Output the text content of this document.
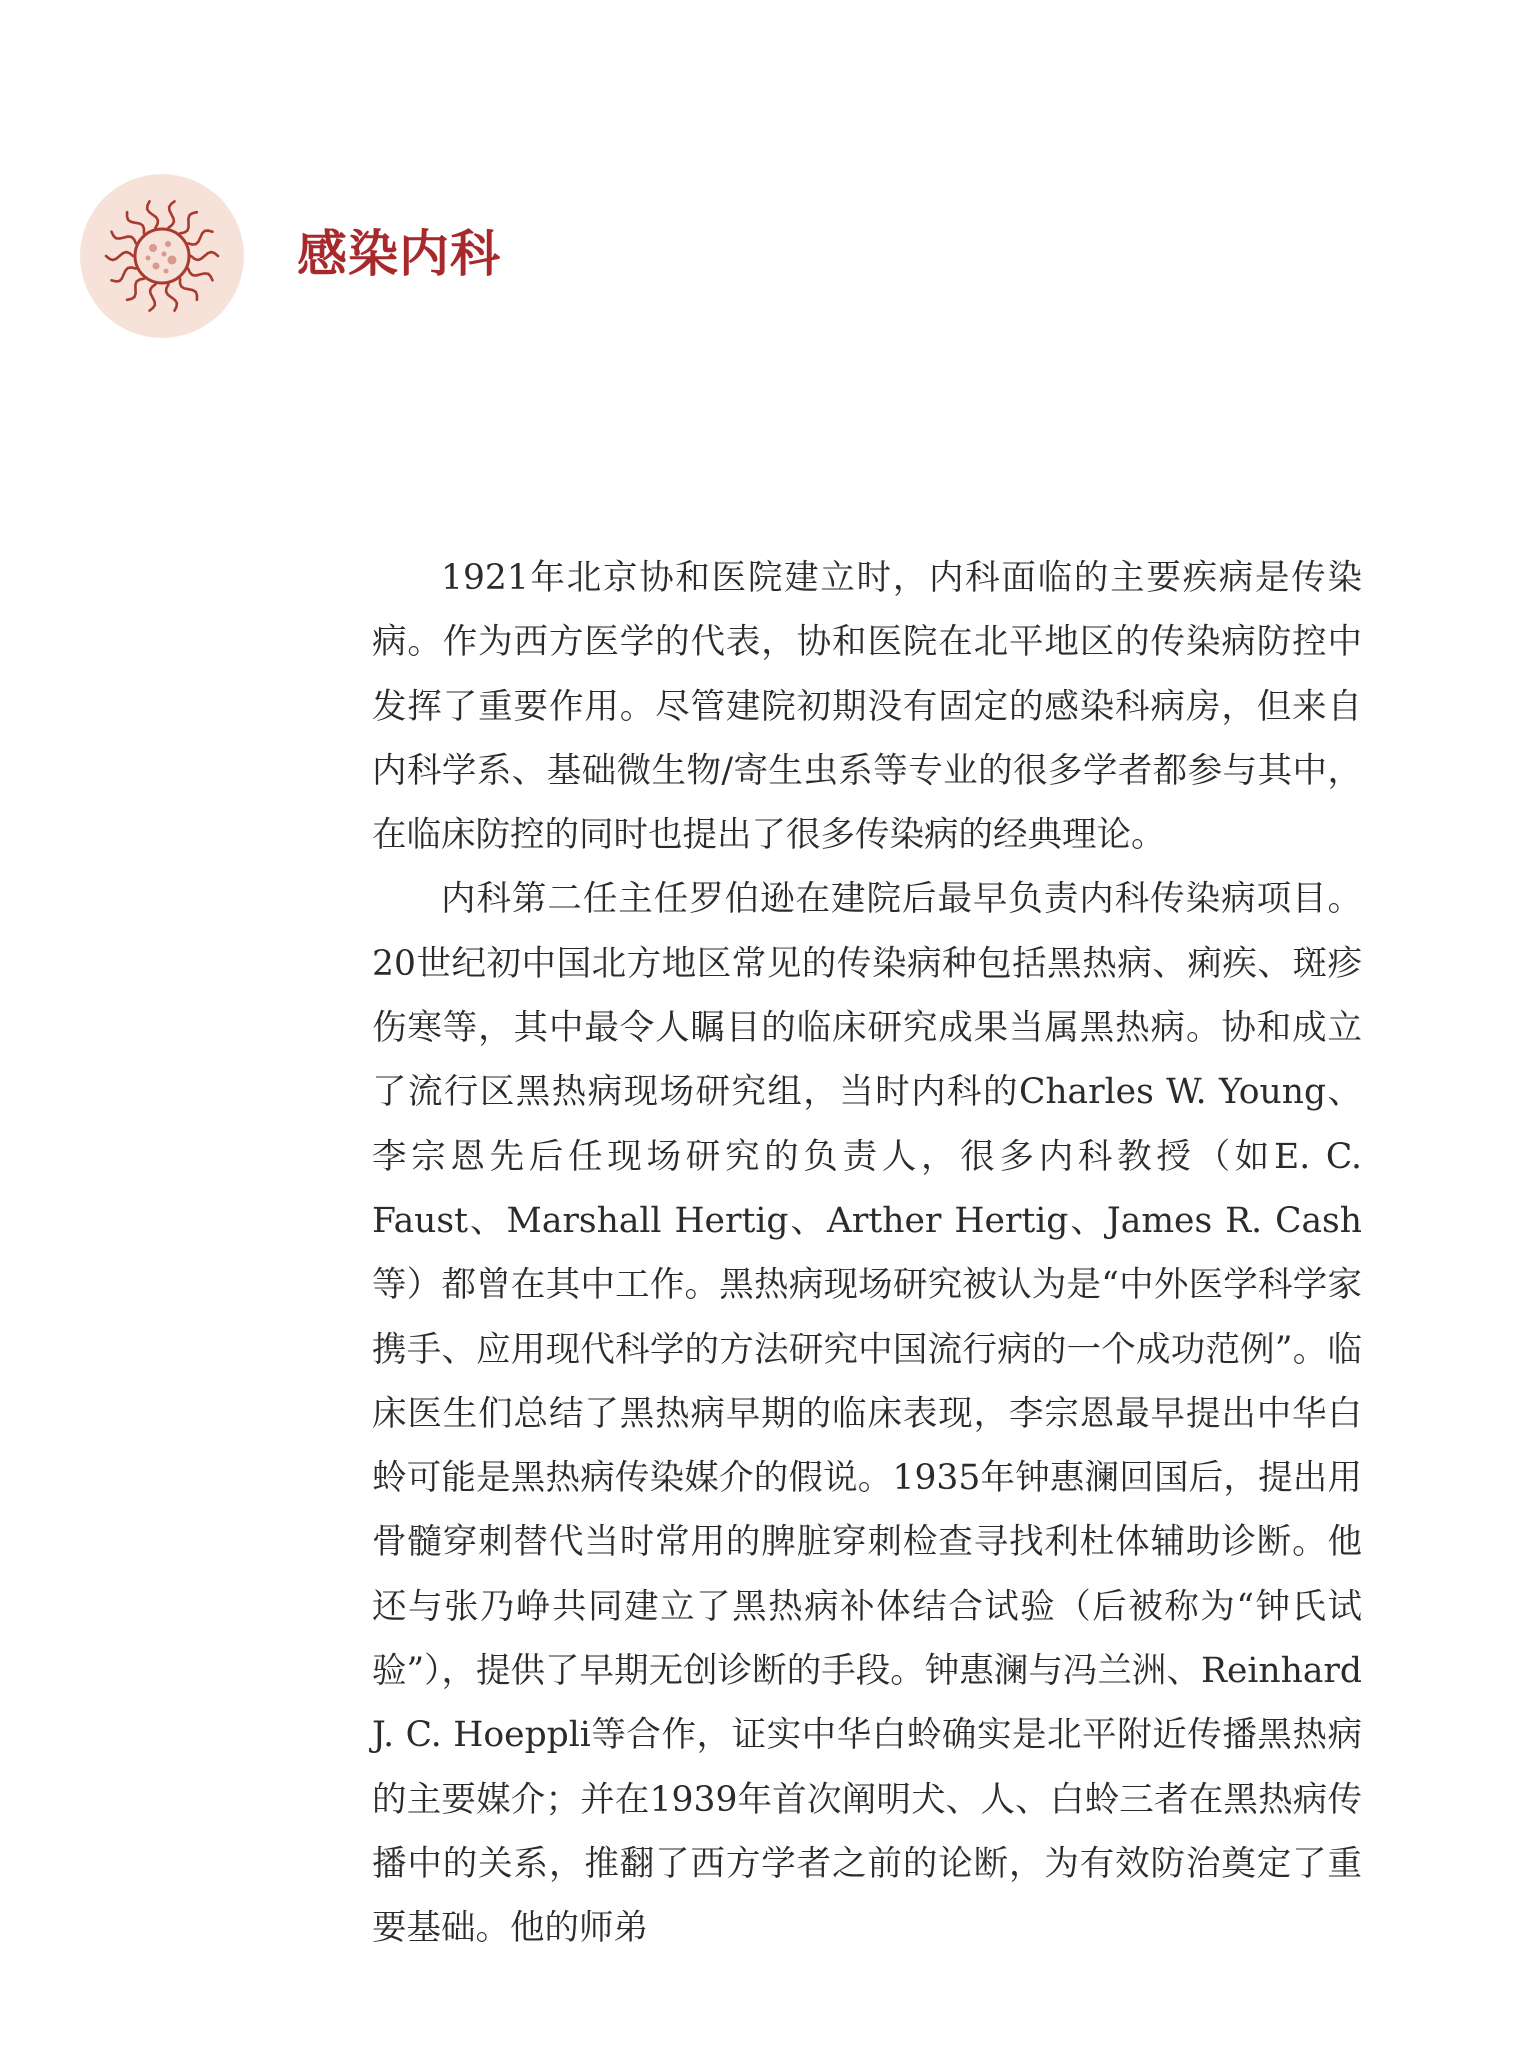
感染内科

1921年北京协和医院建立时，内科面临的主要疾病是传染病。作为西方医学的代表，协和医院在北平地区的传染病防控中发挥了重要作用。尽管建院初期没有固定的感染科病房，但来自内科学系、基础微生物/寄生虫系等专业的很多学者都参与其中，在临床防控的同时也提出了很多传染病的经典理论。

内科第二任主任罗伯逊在建院后最早负责内科传染病项目。20世纪初中国北方地区常见的传染病种包括黑热病、痢疾、斑疹伤寒等，其中最令人瞩目的临床研究成果当属黑热病。协和成立了流行区黑热病现场研究组，当时内科的Charles W. Young、李宗恩先后任现场研究的负责人，很多内科教授（如E. C. Faust、Marshall Hertig、Arther Hertig、James R. Cash等）都曾在其中工作。黑热病现场研究被认为是“中外医学科学家携手、应用现代科学的方法研究中国流行病的一个成功范例”。临床医生们总结了黑热病早期的临床表现，李宗恩最早提出中华白蛉可能是黑热病传染媒介的假说。1935年钟惠澜回国后，提出用骨髓穿刺替代当时常用的脾脏穿刺检查寻找利杜体辅助诊断。他还与张乃峥共同建立了黑热病补体结合试验（后被称为“钟氏试验”），提供了早期无创诊断的手段。钟惠澜与冯兰洲、Reinhard J. C. Hoeppli等合作，证实中华白蛉确实是北平附近传播黑热病的主要媒介；并在1939年首次阐明犬、人、白蛉三者在黑热病传播中的关系，推翻了西方学者之前的论断，为有效防治奠定了重要基础。他的师弟
